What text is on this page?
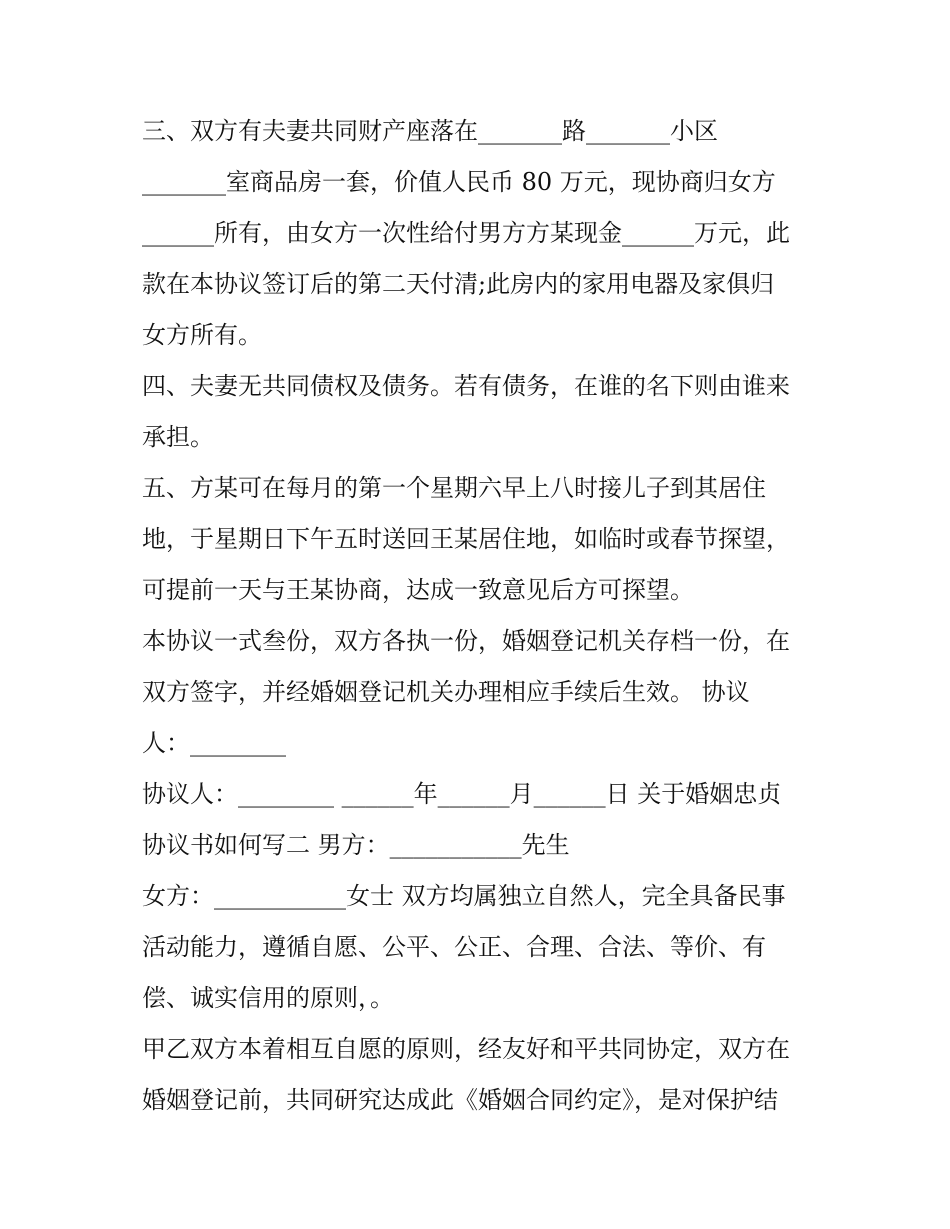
三、双方有夫妻共同财产座落在_______路_______小区
_______室商品房一套，价值人民币 80 万元，现协商归女方
______所有，由女方一次性给付男方方某现金______万元，此
款在本协议签订后的第二天付清;此房内的家用电器及家俱归
女方所有。
四、夫妻无共同债权及债务。若有债务，在谁的名下则由谁来
承担。
五、方某可在每月的第一个星期六早上八时接儿子到其居住
地，于星期日下午五时送回王某居住地，如临时或春节探望，
可提前一天与王某协商，达成一致意见后方可探望。
本协议一式叁份，双方各执一份，婚姻登记机关存档一份，在
双方签字，并经婚姻登记机关办理相应手续后生效。 协议
人：________
协议人：________ ______年______月______日 关于婚姻忠贞
协议书如何写二 男方：___________先生
女方：___________女士 双方均属独立自然人，完全具备民事
活动能力，遵循自愿、公平、公正、合理、合法、等价、有
偿、诚实信用的原则，。
甲乙双方本着相互自愿的原则，经友好和平共同协定，双方在
婚姻登记前，共同研究达成此《婚姻合同约定》，是对保护结
